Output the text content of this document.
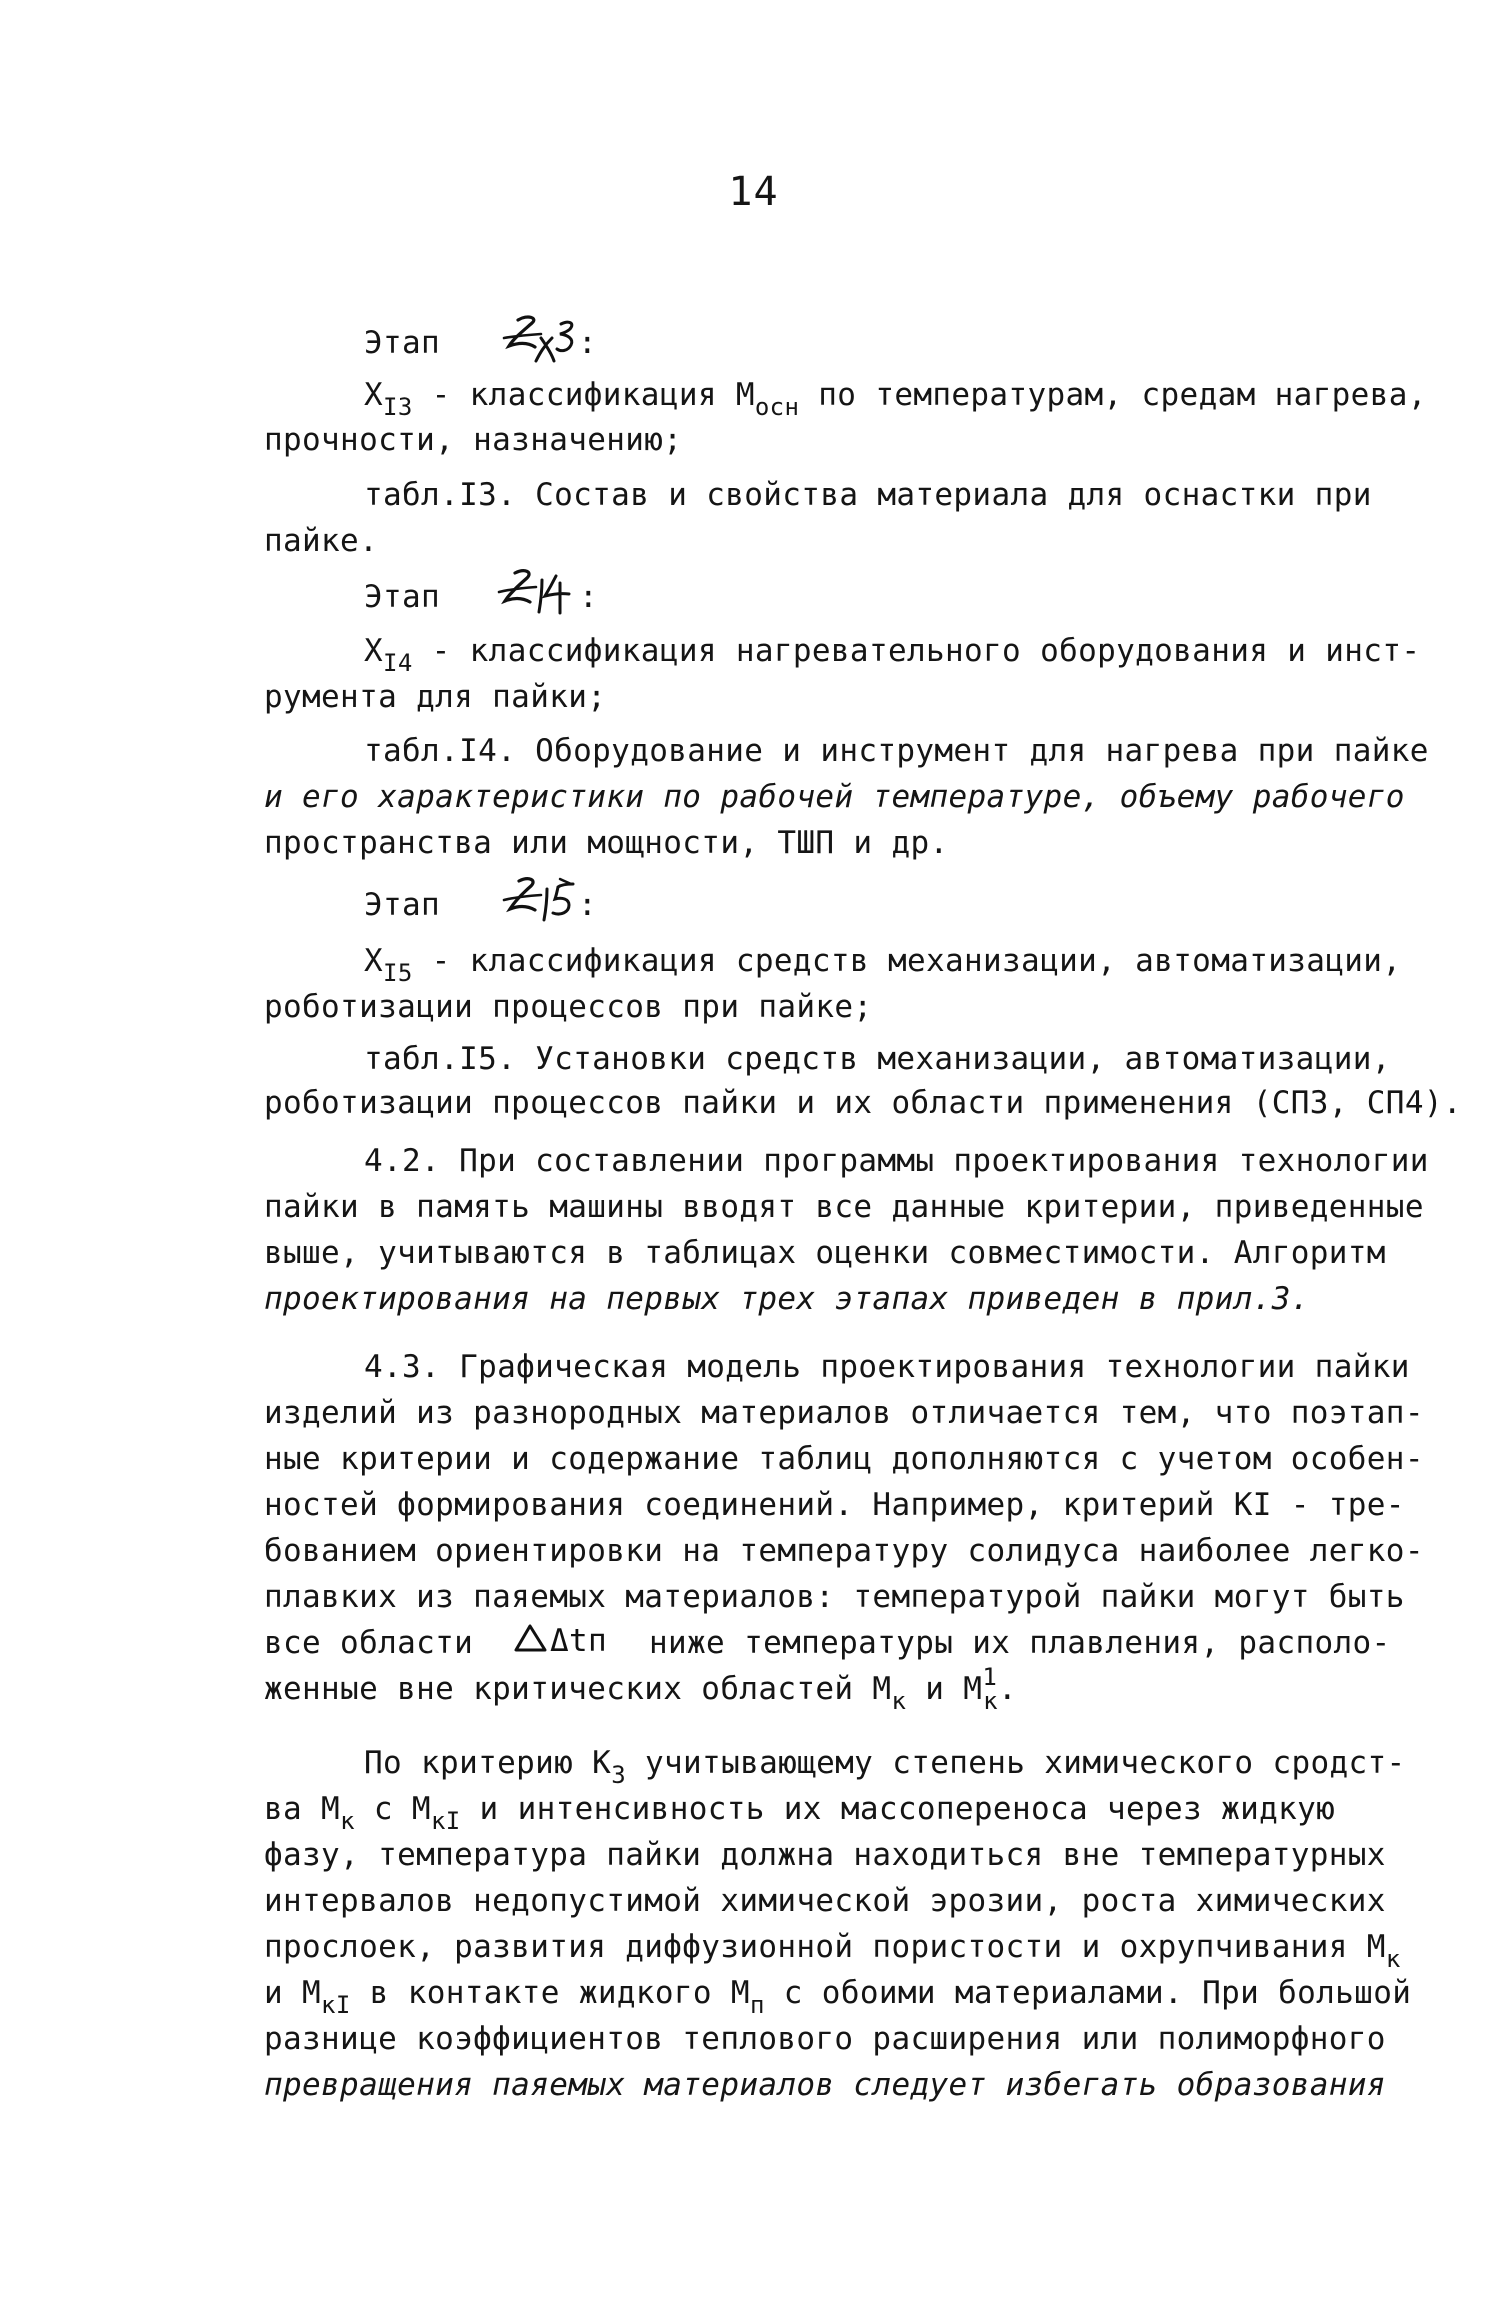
14
Этап	:
$X_{I3}$ - классификация $М_{осн}$ по температурам, средам нагрева,
прочности, назначению;
табл.I3. Состав и свойства материала для оснастки при
пайке.
Этап	:
$X_{I4}$ - классификация нагревательного оборудования и инст-
румента для пайки;
табл.I4. Оборудование и инструмент для нагрева при пайке
и его характеристики по рабочей температуре, объему рабочего
пространства или мощности, ТШП и др.
Этап	:
$X_{I5}$ - классификация средств механизации, автоматизации,
роботизации процессов при пайке;
табл.I5. Установки средств механизации, автоматизации,
роботизации процессов пайки и их области применения (СПЗ, СП4).
4.2. При составлении программы проектирования технологии
пайки в память машины вводят все данные критерии, приведенные
выше, учитываются в таблицах оценки совместимости. Алгоритм
проектирования на первых трех этапах приведен в прил.3.
4.3. Графическая модель проектирования технологии пайки
изделий из разнородных материалов отличается тем, что поэтап-
ные критерии и содержание таблиц дополняются с учетом особен-
ностей формирования соединений. Например, критерий КI - тре-
бованием ориентировки на температуру солидуса наиболее легко-
плавких из паяемых материалов: температурой пайки могут быть
все области Δtп ниже температуры их плавления, располо-
женные вне критических областей $М_к$ и $М^1_к$.
По критерию $К_3$ учитывающему степень химического сродст-
ва $М_к$ с $М_{кI}$ и интенсивность их массопереноса через жидкую
фазу, температура пайки должна находиться вне температурных
интервалов недопустимой химической эрозии, роста химических
прослоек, развития диффузионной пористости и охрупчивания $М_к$
и $М_{кI}$ в контакте жидкого $М_п$ с обоими материалами. При большой
разнице коэффициентов теплового расширения или полиморфного
превращения паяемых материалов следует избегать образования
